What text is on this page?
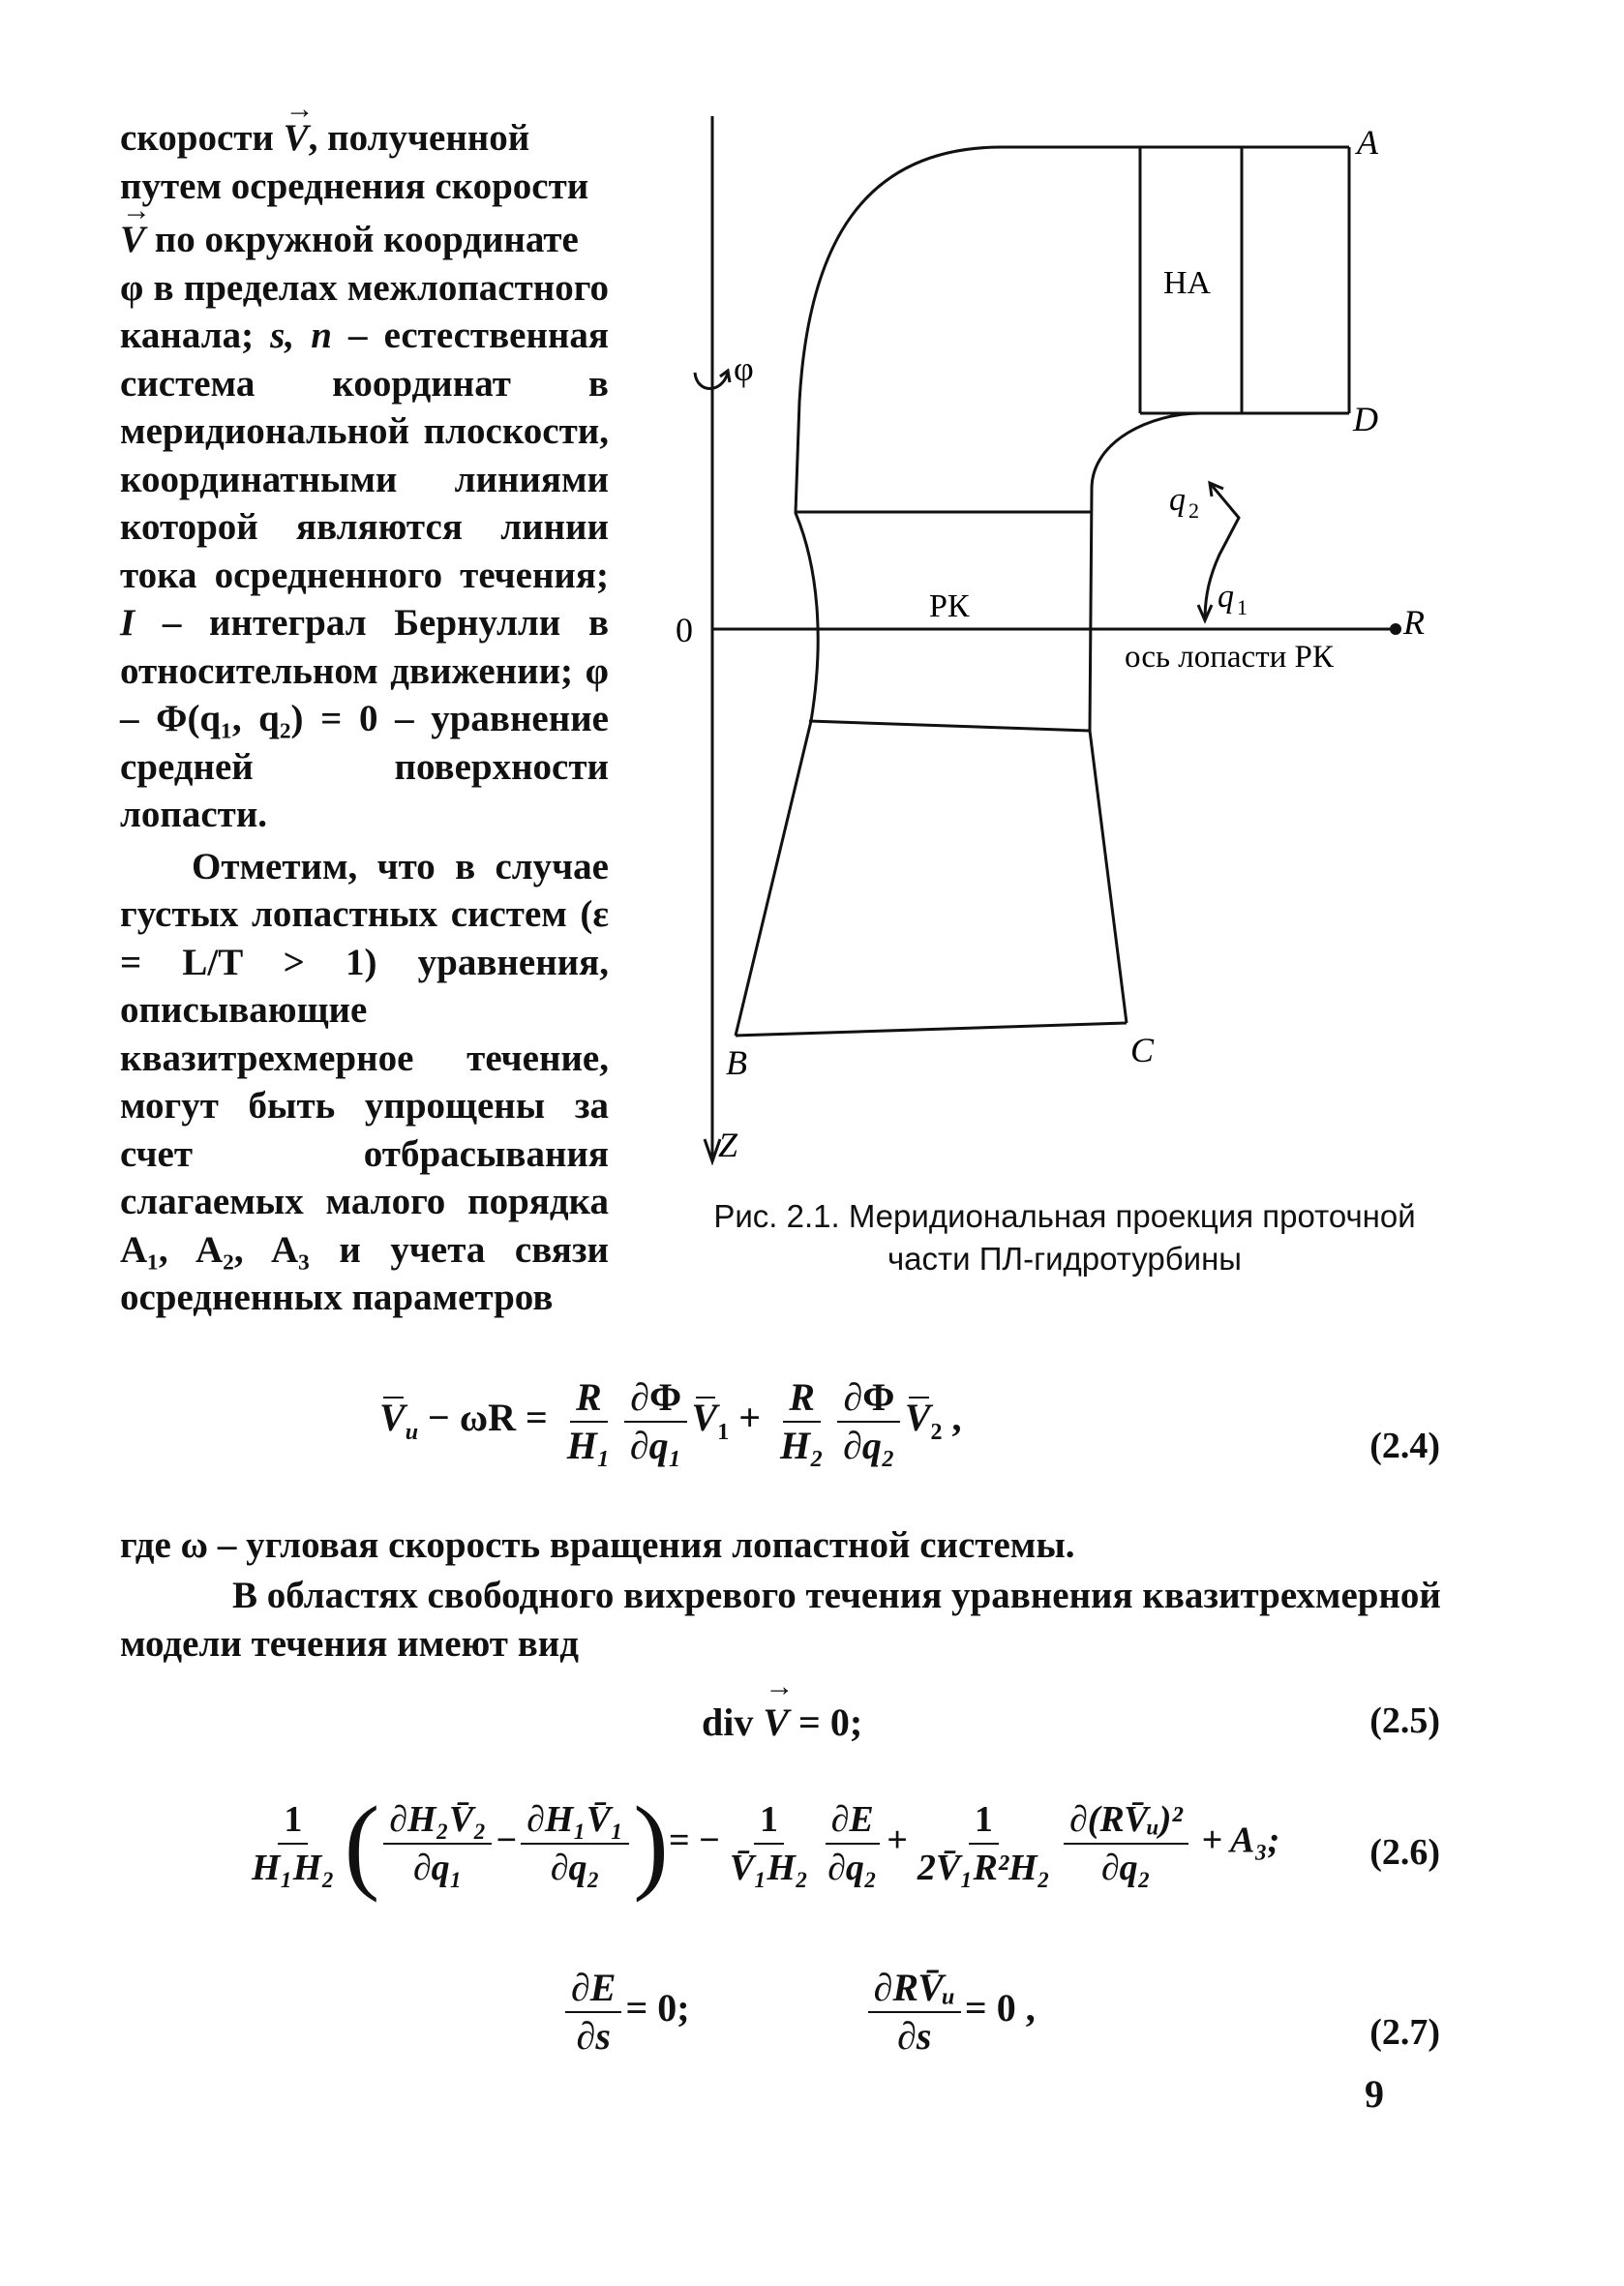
скорости → V, полученной

путем осреднения скорости

→ V по окружной координате

φ в пределах межлопастного канала; s, n – естественная система координат в меридиональной плоскости, координатными линиями которой являются линии тока осредненного течения; I – интеграл Бернулли в относительном движении; φ – Φ(q₁, q₂) = 0 – уравнение средней поверхности лопасти.

Отметим, что в случае густых лопастных систем (ε = L/T > 1) уравнения, описывающие квазитрехмерное течение, могут быть упрощены за счет отбрасывания слагаемых малого порядка A₁, A₂, A₃ и учета связи осредненных параметров

A
D
НА
РК
φ
0	R
Z
B	C
q 2
q 1
ось лопасти РК
Рис. 2.1. Меридиональная проекция проточной
части ПЛ-гидротурбины
$V_u - \omega R = \frac{R}{\text{H₁}} \frac{\partial\Phi}{\text{∂q₁}} V_1 + \frac{R}{\text{H₂}} \frac{\partial\Phi}{\text{∂q₂}} V_2$ ,
(2.4)
где ω – угловая скорость вращения лопастной системы.
В областях свободного вихревого течения уравнения квазитрехмерной модели течения имеют вид
div → V = 0;	(2.5)
$\frac{1}{\text{H₁H₂}}$ ( $\frac{\text{∂H₂V̄₂}}{\text{∂q₁}} - \frac{\text{∂H₁V̄₁}}{\text{∂q₂}}$ )= − $\frac{1}{\text{V̄₁H₂}} \frac{\partial E}{\text{∂q₂}} + \frac{1}{\text{2V̄₁R²H₂}} \frac{\text{∂(RV̄ᵤ)²}}{\text{∂q₂}} + A_3$; (2.6)
$\frac{\partial E}{\partial s} = 0$;	$\frac{\text{∂RV̄ᵤ}}{\partial s} = 0$ ,
(2.7)
9
